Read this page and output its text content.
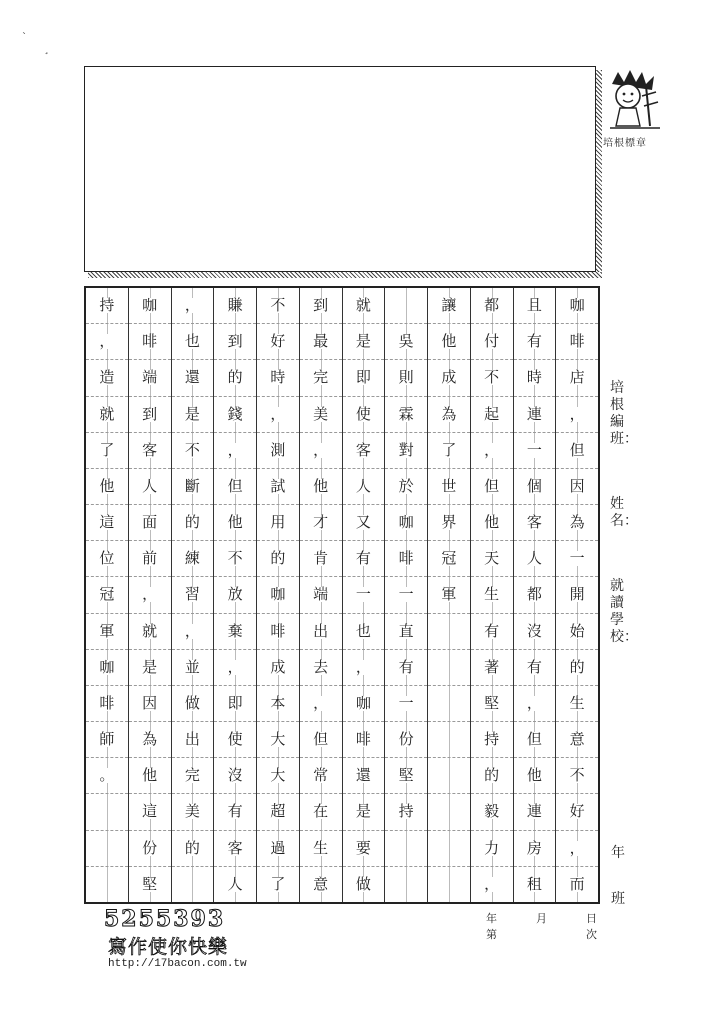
`
¸
培根標章
咖
啡
店
，
但
因
為
一
開
始
的
生
意
不
好
，
而
且
有
時
連
一
個
客
人
都
沒
有
，
但
他
連
房
租
都
付
不
起
，
但
他
天
生
有
著
堅
持
的
毅
力
，
讓
他
成
為
了
世
界
冠
軍
吳
則
霖
對
於
咖
啡
一
直
有
一
份
堅
持
就
是
即
使
客
人
又
有
一
也
，
咖
啡
還
是
要
做
到
最
完
美
，
他
才
肯
端
出
去
，
但
常
在
生
意
不
好
時
，
測
試
用
的
咖
啡
成
本
大
大
超
過
了
賺
到
的
錢
，
但
他
不
放
棄
，
即
使
沒
有
客
人
，
也
還
是
不
斷
的
練
習
，
並
做
出
完
美
的
咖
啡
端
到
客
人
面
前
，
就
是
因
為
他
這
份
堅
持
，
造
就
了
他
這
位
冠
軍
咖
啡
師
。
培根編班：
姓名：
就讀學校：
年
班
年	月	日
第	次
5255393
寫作使你快樂
http://17bacon.com.tw
